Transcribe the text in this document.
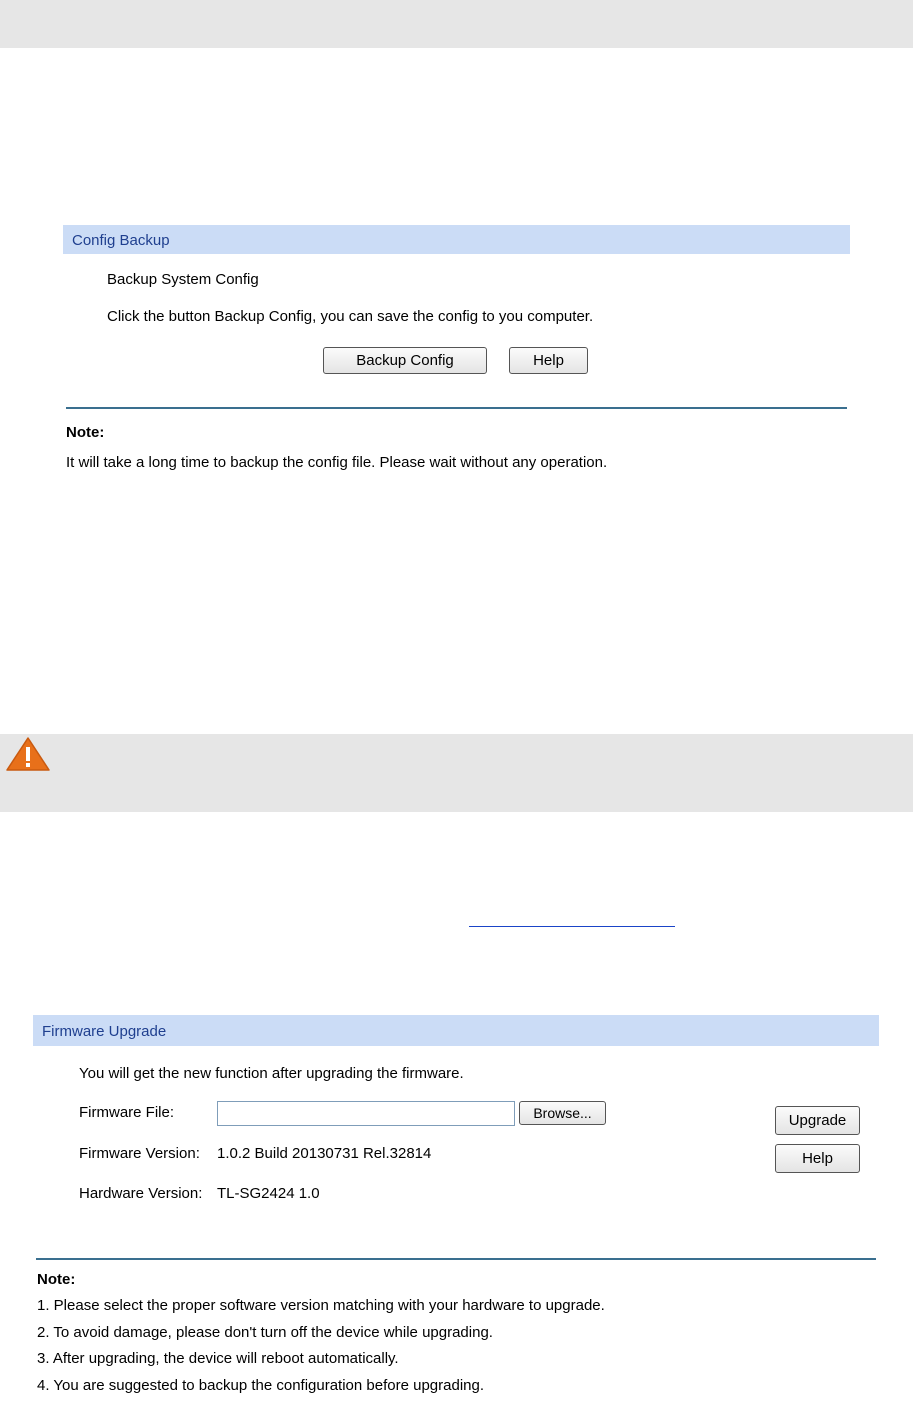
Config Backup
Backup System Config
Click the button Backup Config, you can save the config to you computer.
Backup Config	Help
Note:
It will take a long time to backup the config file. Please wait without any operation.
Firmware Upgrade
You will get the new function after upgrading the firmware.
Firmware File:	Browse...	Upgrade
Help
Firmware Version: 1.0.2 Build 20130731 Rel.32814
Hardware Version: TL-SG2424 1.0
Note:
1. Please select the proper software version matching with your hardware to upgrade.
2. To avoid damage, please don't turn off the device while upgrading.
3. After upgrading, the device will reboot automatically.
4. You are suggested to backup the configuration before upgrading.
